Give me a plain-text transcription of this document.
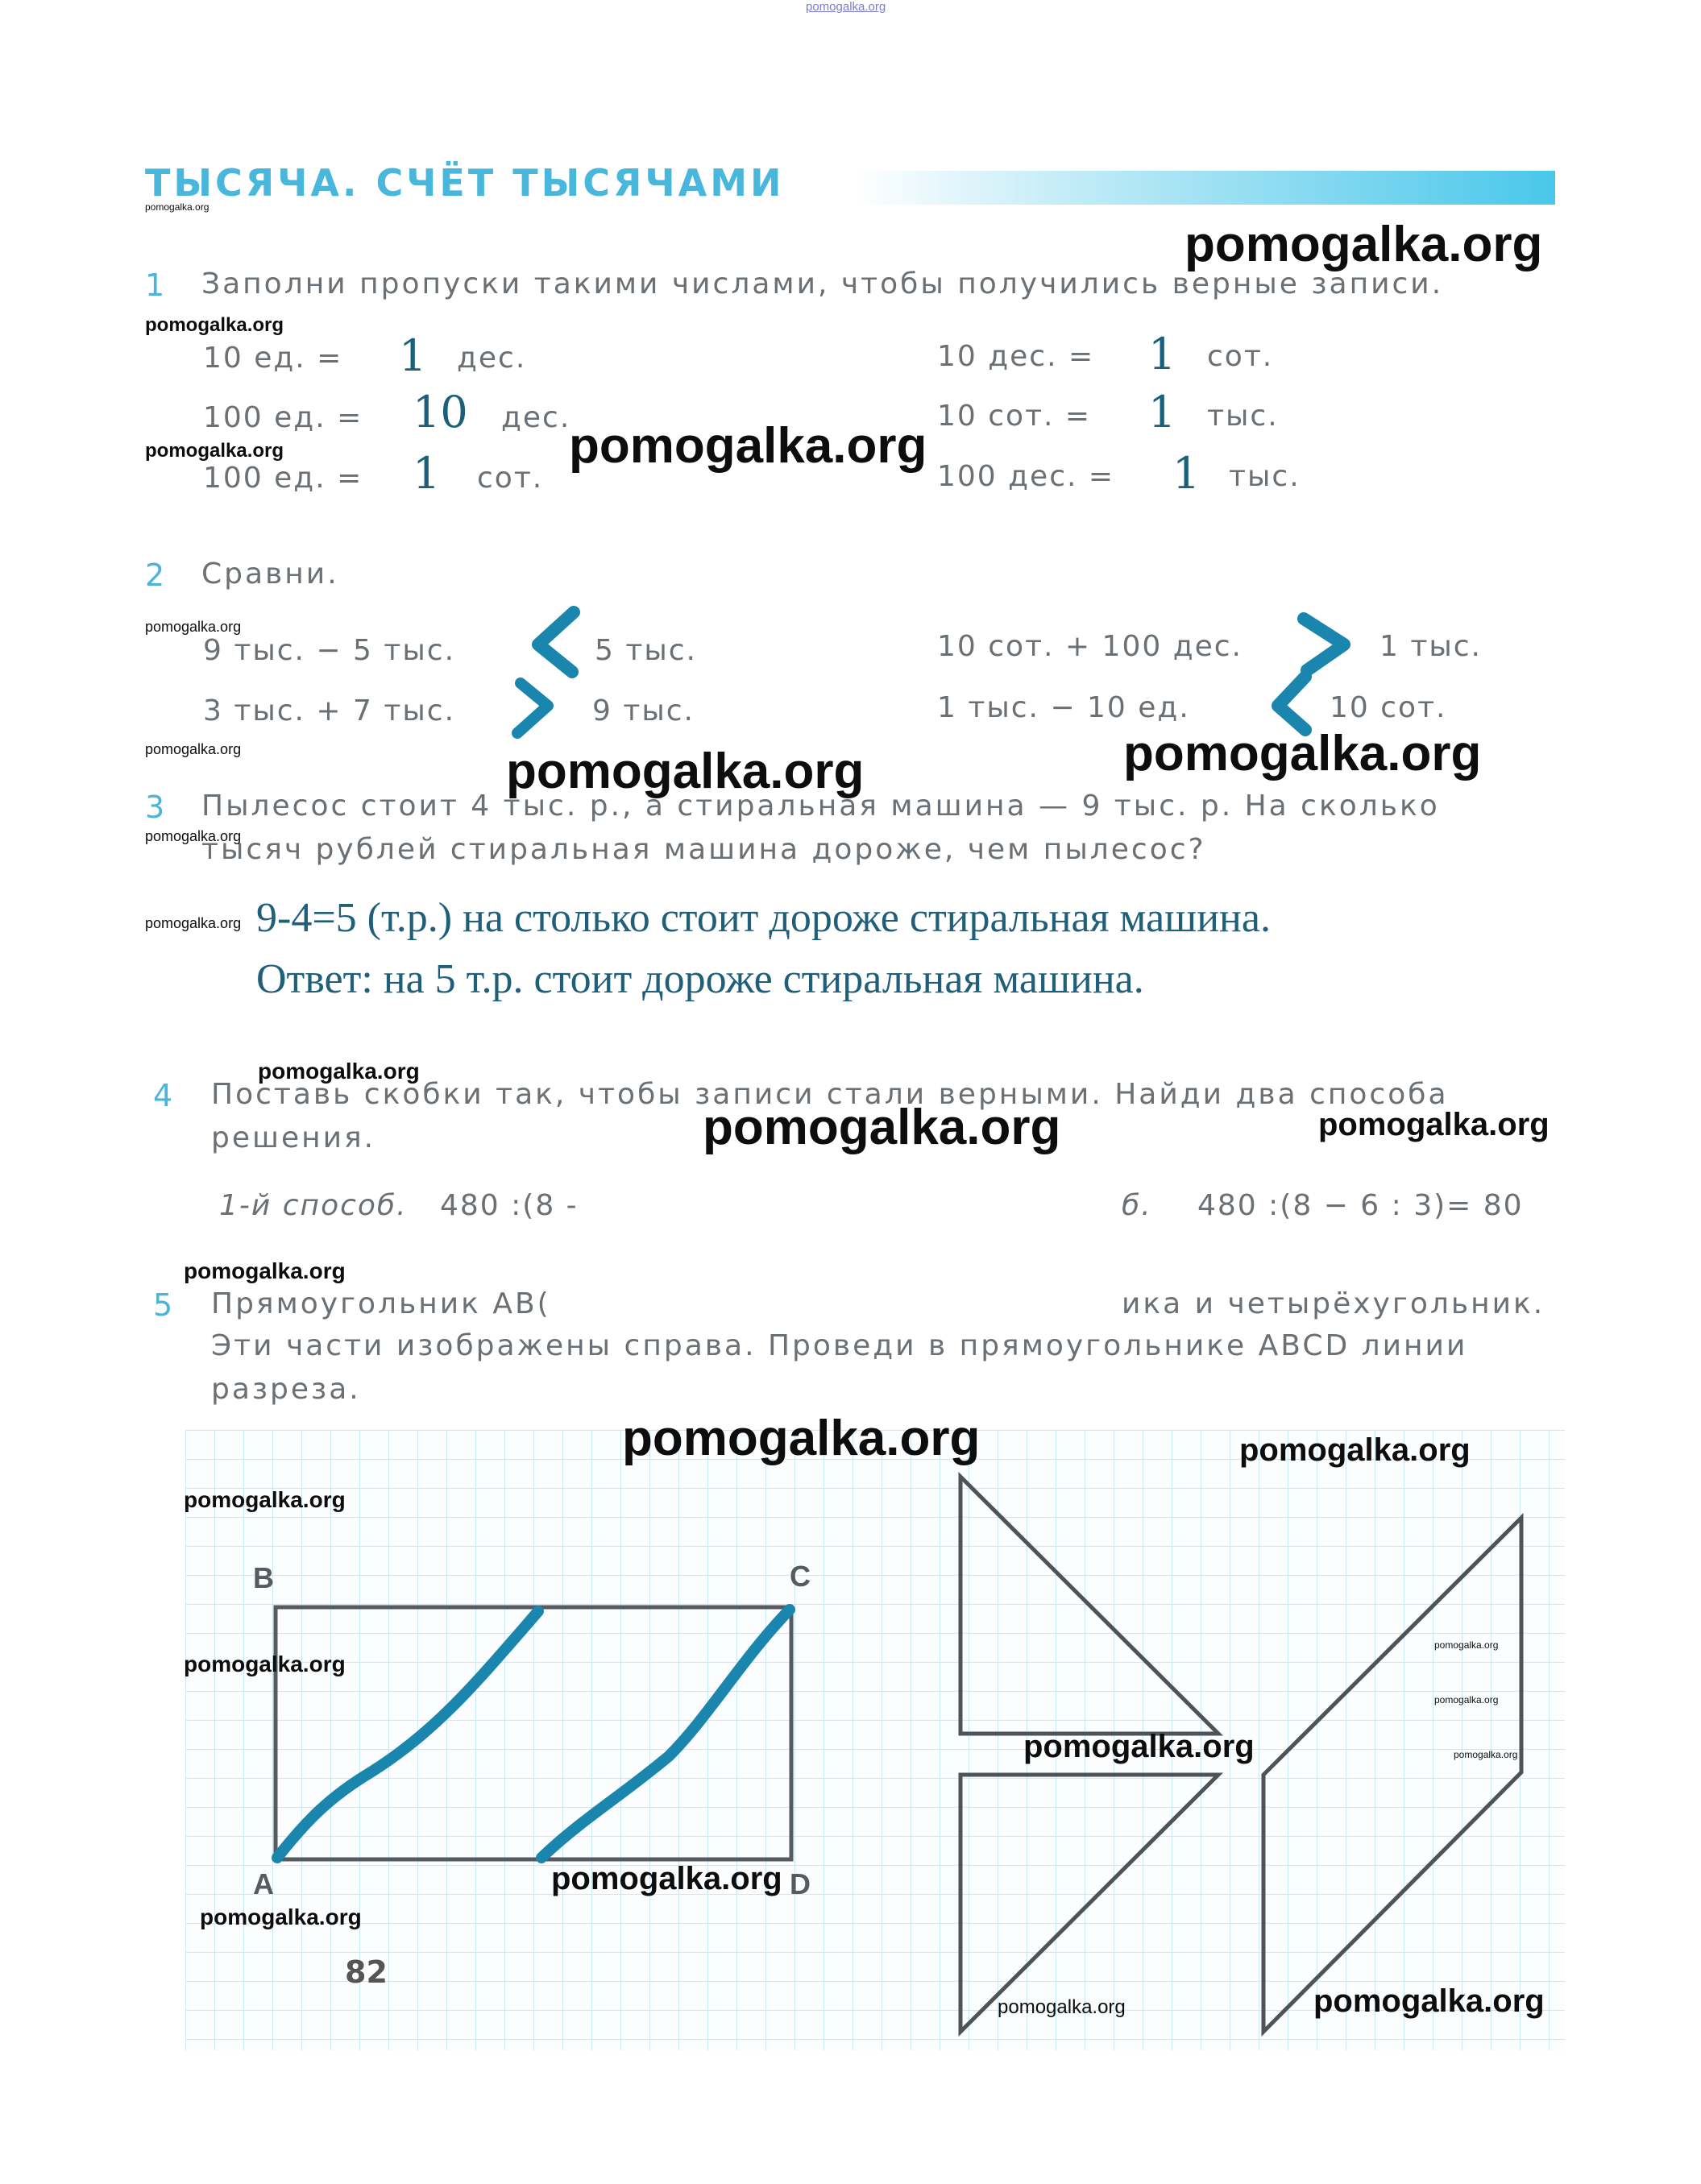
pomogalka.org
ТЫСЯЧА. СЧЁТ ТЫСЯЧАМИ
1 Заполни пропуски такими числами, чтобы получились верные записи.
10 ед. = 1 дес.
100 ед. = 10 дес.
100 ед. = 1 сот.
10 дес. = 1 сот.
10 сот. = 1 тыс.
100 дес. = 1 тыс.
2 Сравни.
9 тыс. − 5 тыс.	5 тыс.
3 тыс. + 7 тыс.	9 тыс.
10 сот. + 100 дес.	1 тыс.
1 тыс. − 10 ед.	10 сот.
3 Пылесос стоит 4 тыс. р., а стиральная машина — 9 тыс. р. На сколько
тысяч рублей стиральная машина дороже, чем пылесос?
9-4=5 (т.р.) на столько стоит дороже стиральная машина.
Ответ: на 5 т.р. стоит дороже стиральная машина.
4 Поставь скобки так, чтобы записи стали верными. Найди два способа
решения.
1-й способ. 480 :(8 -	б. 480 :(8 − 6 : 3)= 80
5 Прямоугольник АВ(	ика и четырёхугольник.
Эти части изображены справа. Проведи в прямоугольнике ABCD линии
разреза.
B	C
A	D
82
pomogalka.org
pomogalka.org
pomogalka.org
pomogalka.org	pomogalka.org
pomogalka.org
pomogalka.org	pomogalka.org	pomogalka.org
pomogalka.org
pomogalka.org
pomogalka.org
pomogalka.org	pomogalka.org
pomogalka.org
pomogalka.org	pomogalka.org
pomogalka.org
pomogalka.org
pomogalka.org
pomogalka.org
pomogalka.org
pomogalka.org
pomogalka.org
pomogalka.org
pomogalka.org	pomogalka.org
